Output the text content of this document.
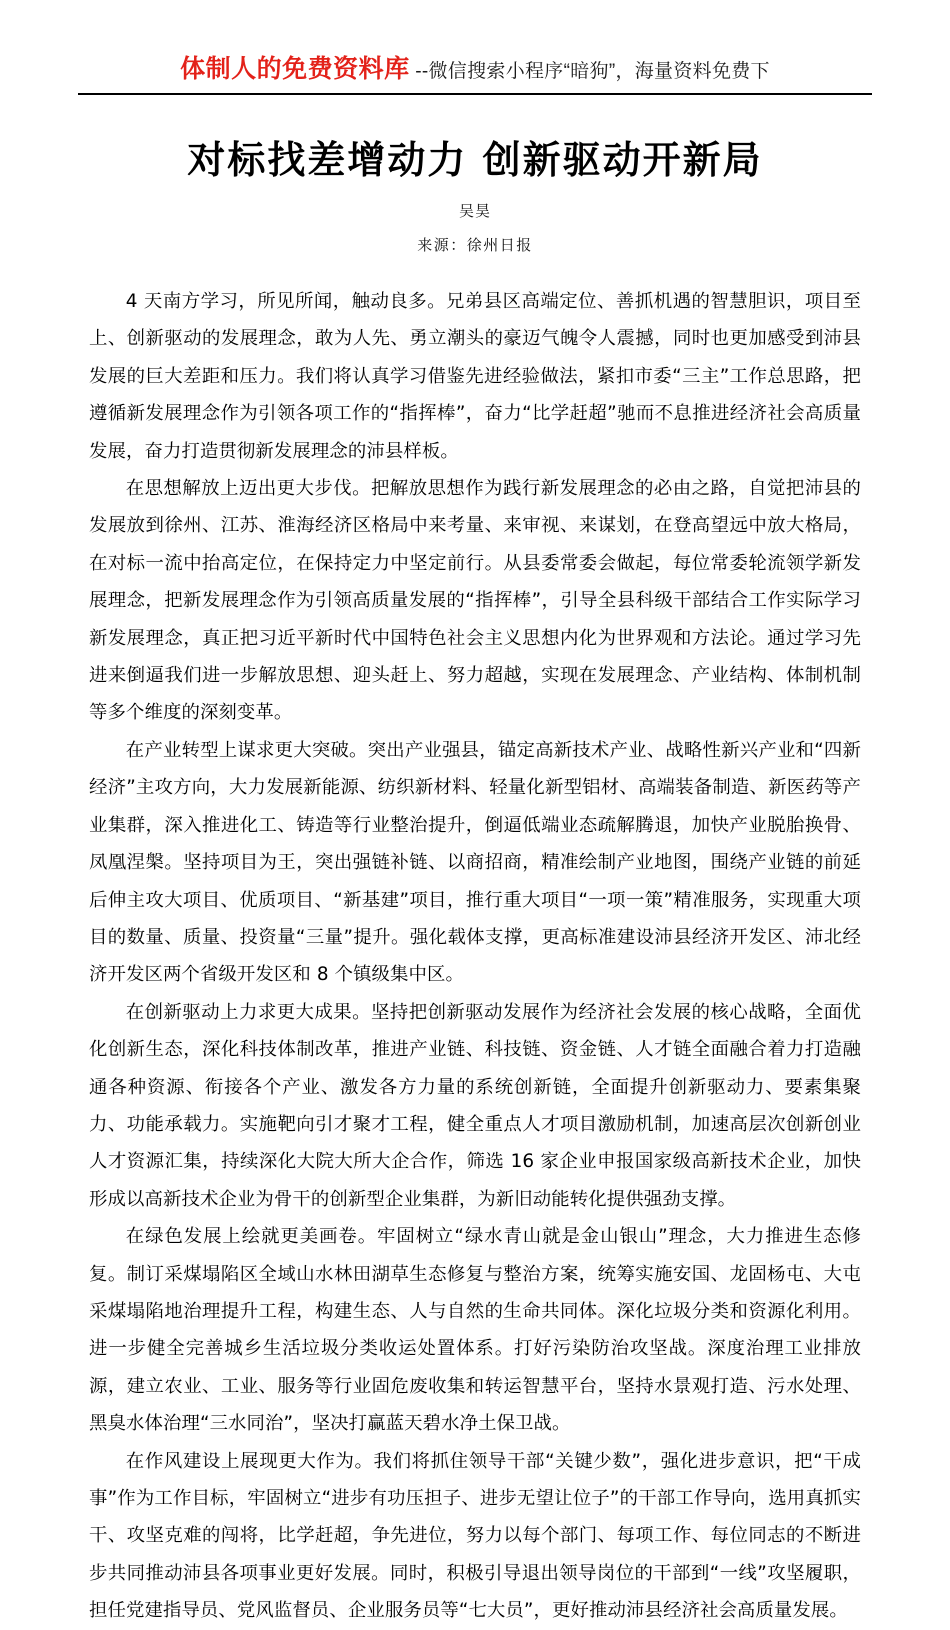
体制人的免费资料库 --微信搜索小程序“暗狗”，海量资料免费下
对标找差增动力 创新驱动开新局
吴昊
来源：徐州日报

4 天南方学习，所见所闻，触动良多。兄弟县区高端定位、善抓机遇的智慧胆识，项目至上、创新驱动的发展理念，敢为人先、勇立潮头的豪迈气魄令人震撼，同时也更加感受到沛县发展的巨大差距和压力。我们将认真学习借鉴先进经验做法，紧扣市委“三主”工作总思路，把遵循新发展理念作为引领各项工作的“指挥棒”，奋力“比学赶超”驰而不息推进经济社会高质量发展，奋力打造贯彻新发展理念的沛县样板。

在思想解放上迈出更大步伐。把解放思想作为践行新发展理念的必由之路，自觉把沛县的发展放到徐州、江苏、淮海经济区格局中来考量、来审视、来谋划，在登高望远中放大格局，在对标一流中抬高定位，在保持定力中坚定前行。从县委常委会做起，每位常委轮流领学新发展理念，把新发展理念作为引领高质量发展的“指挥棒”，引导全县科级干部结合工作实际学习新发展理念，真正把习近平新时代中国特色社会主义思想内化为世界观和方法论。通过学习先进来倒逼我们进一步解放思想、迎头赶上、努力超越，实现在发展理念、产业结构、体制机制等多个维度的深刻变革。

在产业转型上谋求更大突破。突出产业强县，锚定高新技术产业、战略性新兴产业和“四新经济”主攻方向，大力发展新能源、纺织新材料、轻量化新型铝材、高端装备制造、新医药等产业集群，深入推进化工、铸造等行业整治提升，倒逼低端业态疏解腾退，加快产业脱胎换骨、凤凰涅槃。坚持项目为王，突出强链补链、以商招商，精准绘制产业地图，围绕产业链的前延后伸主攻大项目、优质项目、“新基建”项目，推行重大项目“一项一策”精准服务，实现重大项目的数量、质量、投资量“三量”提升。强化载体支撑，更高标准建设沛县经济开发区、沛北经济开发区两个省级开发区和 8 个镇级集中区。

在创新驱动上力求更大成果。坚持把创新驱动发展作为经济社会发展的核心战略，全面优化创新生态，深化科技体制改革，推进产业链、科技链、资金链、人才链全面融合着力打造融通各种资源、衔接各个产业、激发各方力量的系统创新链，全面提升创新驱动力、要素集聚力、功能承载力。实施靶向引才聚才工程，健全重点人才项目激励机制，加速高层次创新创业人才资源汇集，持续深化大院大所大企合作，筛选 16 家企业申报国家级高新技术企业，加快形成以高新技术企业为骨干的创新型企业集群，为新旧动能转化提供强劲支撑。

在绿色发展上绘就更美画卷。牢固树立“绿水青山就是金山银山”理念，大力推进生态修复。制订采煤塌陷区全域山水林田湖草生态修复与整治方案，统筹实施安国、龙固杨屯、大屯采煤塌陷地治理提升工程，构建生态、人与自然的生命共同体。深化垃圾分类和资源化利用。进一步健全完善城乡生活垃圾分类收运处置体系。打好污染防治攻坚战。深度治理工业排放源，建立农业、工业、服务等行业固危废收集和转运智慧平台，坚持水景观打造、污水处理、黑臭水体治理“三水同治”，坚决打赢蓝天碧水净土保卫战。

在作风建设上展现更大作为。我们将抓住领导干部“关键少数”，强化进步意识，把“干成事”作为工作目标，牢固树立“进步有功压担子、进步无望让位子”的干部工作导向，选用真抓实干、攻坚克难的闯将，比学赶超，争先进位，努力以每个部门、每项工作、每位同志的不断进步共同推动沛县各项事业更好发展。同时，积极引导退出领导岗位的干部到“一线”攻坚履职，担任党建指导员、党风监督员、企业服务员等“七大员”，更好推动沛县经济社会高质量发展。
